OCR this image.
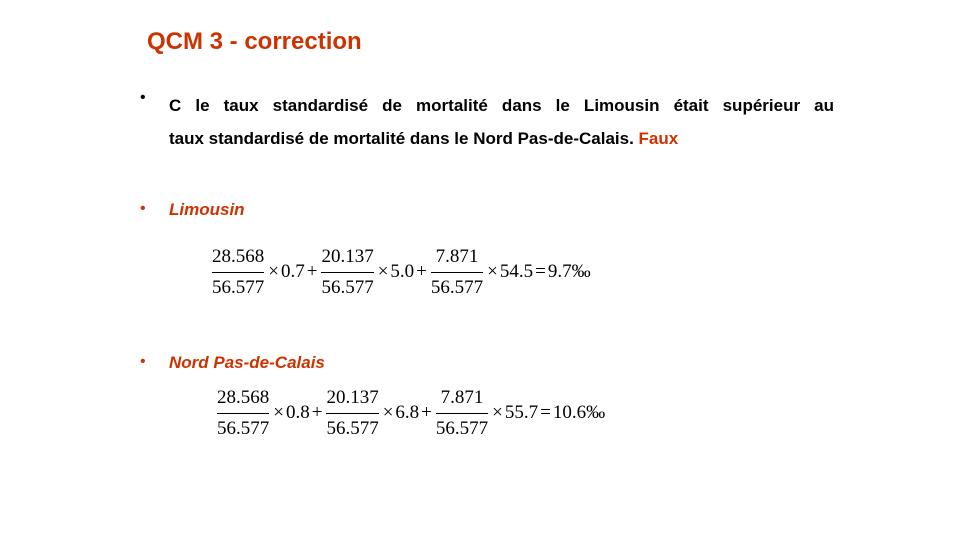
QCM 3 - correction
• C le taux standardisé de mortalité dans le Limousin était supérieur au
taux standardisé de mortalité dans le Nord Pas-de-Calais. Faux
• Limousin
$\frac{28.568}{56.577} \times 0.7 + \frac{20.137}{56.577} \times 5.0 + \frac{7.871}{56.577} \times 54.5 = 9.7$ ‰
• Nord Pas-de-Calais
$\frac{28.568}{56.577} \times 0.8 + \frac{20.137}{56.577} \times 6.8 + \frac{7.871}{56.577} \times 55.7 = 10.6$ ‰
